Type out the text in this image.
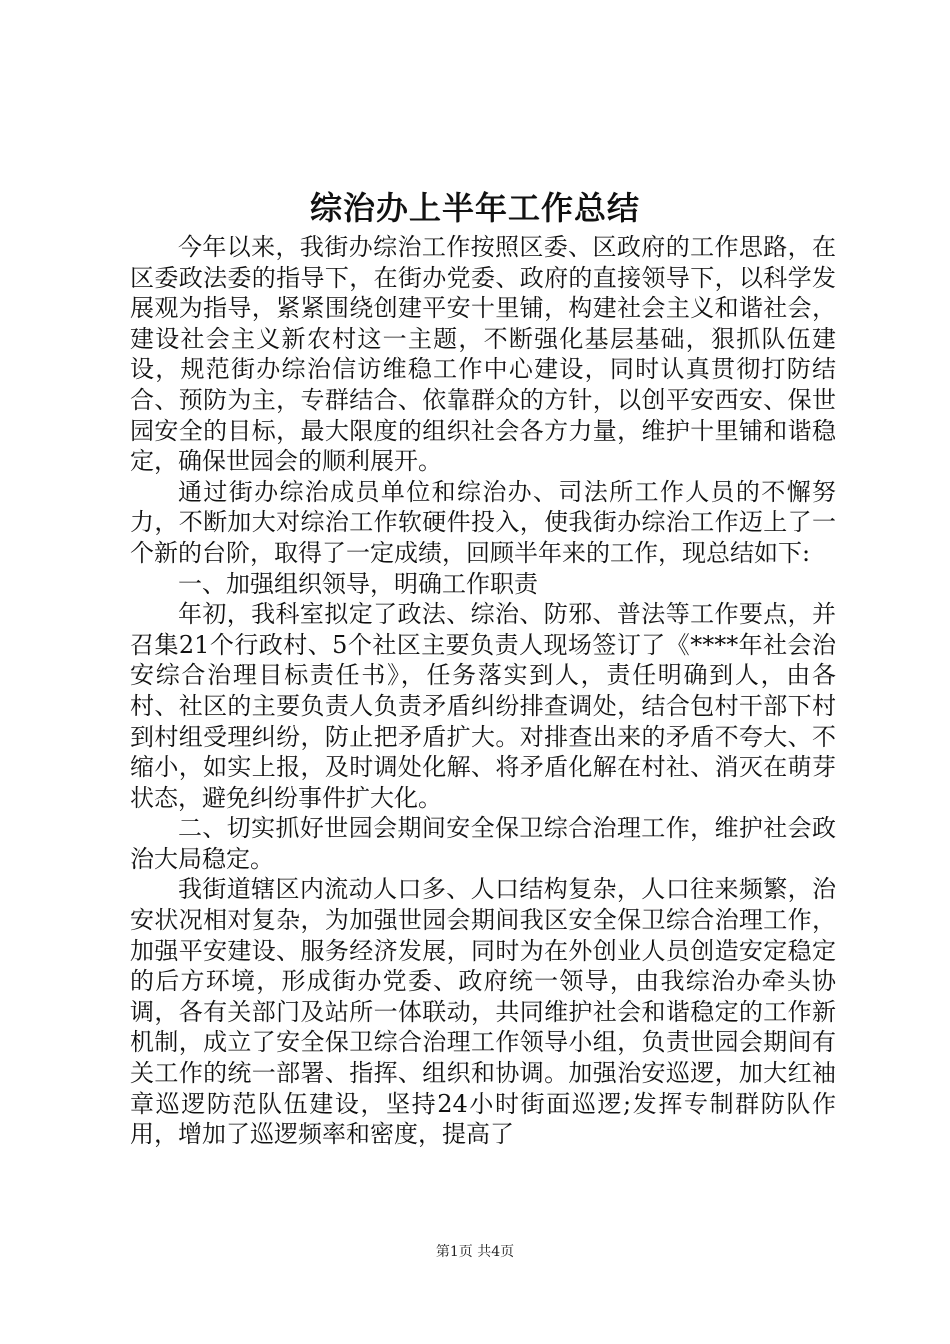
综治办上半年工作总结

今年以来，我街办综治工作按照区委、区政府的工作思路，在区委政法委的指导下，在街办党委、政府的直接领导下，以科学发展观为指导，紧紧围绕创建平安十里铺，构建社会主义和谐社会，建设社会主义新农村这一主题，不断强化基层基础，狠抓队伍建设，规范街办综治信访维稳工作中心建设，同时认真贯彻打防结合、预防为主，专群结合、依靠群众的方针，以创平安西安、保世园安全的目标，最大限度的组织社会各方力量，维护十里铺和谐稳定，确保世园会的顺利展开。

通过街办综治成员单位和综治办、司法所工作人员的不懈努力，不断加大对综治工作软硬件投入，使我街办综治工作迈上了一个新的台阶，取得了一定成绩，回顾半年来的工作，现总结如下:

一、加强组织领导，明确工作职责

年初，我科室拟定了政法、综治、防邪、普法等工作要点，并召集21个行政村、5个社区主要负责人现场签订了《****年社会治安综合治理目标责任书》，任务落实到人，责任明确到人，由各村、社区的主要负责人负责矛盾纠纷排查调处，结合包村干部下村到村组受理纠纷，防止把矛盾扩大。对排查出来的矛盾不夸大、不缩小，如实上报，及时调处化解、将矛盾化解在村社、消灭在萌芽状态，避免纠纷事件扩大化。

二、切实抓好世园会期间安全保卫综合治理工作，维护社会政治大局稳定。

我街道辖区内流动人口多、人口结构复杂，人口往来频繁，治安状况相对复杂，为加强世园会期间我区安全保卫综合治理工作，加强平安建设、服务经济发展，同时为在外创业人员创造安定稳定的后方环境，形成街办党委、政府统一领导，由我综治办牵头协调，各有关部门及站所一体联动，共同维护社会和谐稳定的工作新机制，成立了安全保卫综合治理工作领导小组，负责世园会期间有关工作的统一部署、指挥、组织和协调。加强治安巡逻，加大红袖章巡逻防范队伍建设，坚持24小时街面巡逻;发挥专制群防队作用，增加了巡逻频率和密度，提高了

第1页 共4页
